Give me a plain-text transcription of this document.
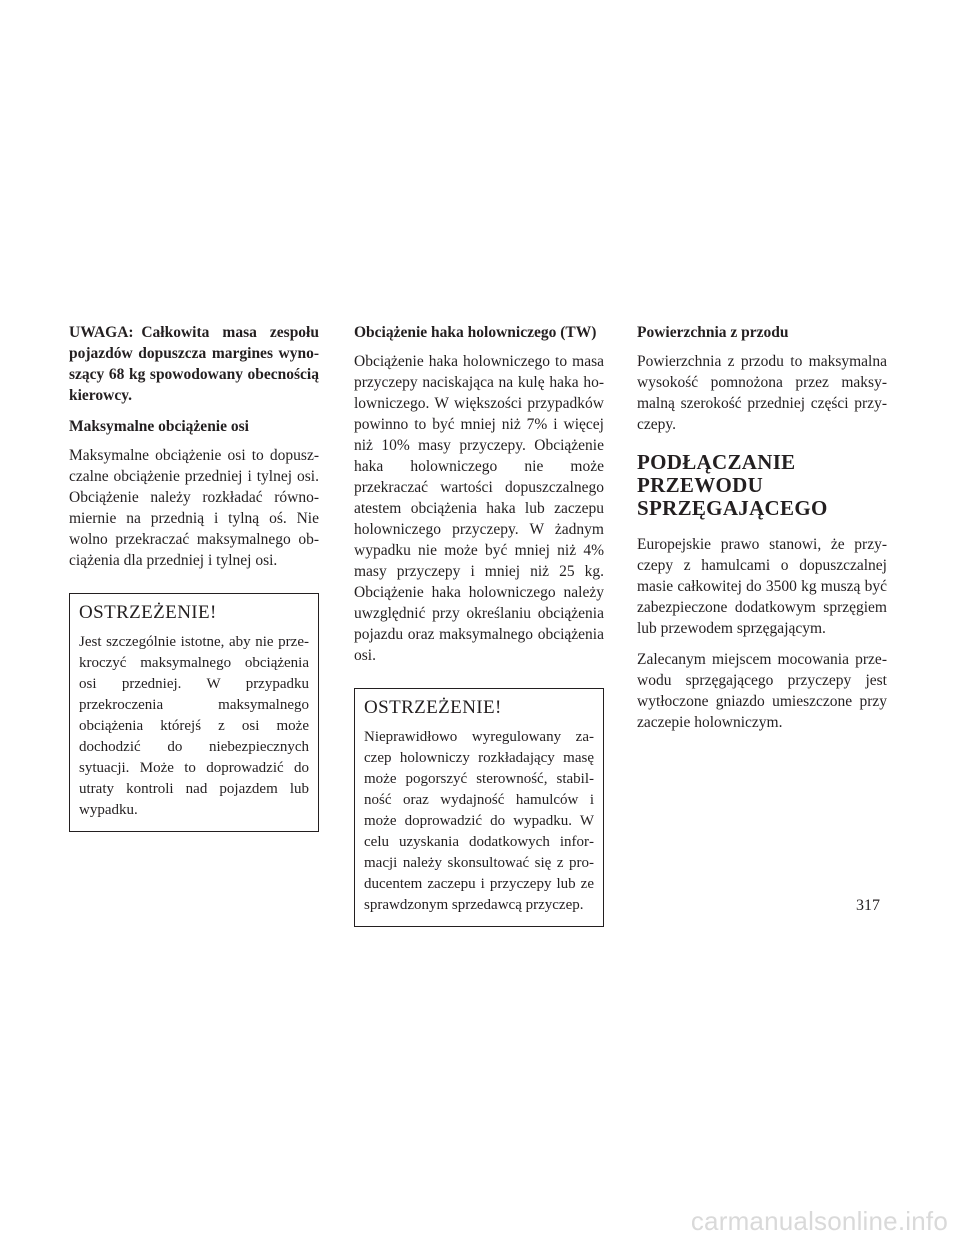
UWAGA: Całkowita masa zespołu pojazdów dopuszcza margines wynoszący 68 kg spowodowany obecnością kierowcy.

Maksymalne obciążenie osi

Maksymalne obciążenie osi to dopuszczalne obciążenie przedniej i tylnej osi. Obciążenie należy rozkładać równomiernie na przednią i tylną oś. Nie wolno przekraczać maksymalnego obciążenia dla przedniej i tylnej osi.

OSTRZEŻENIE!

Jest szczególnie istotne, aby nie przekroczyć maksymalnego obciążenia osi przedniej. W przypadku przekroczenia maksymalnego obciążenia którejś z osi może dochodzić do niebezpiecznych sytuacji. Może to doprowadzić do utraty kontroli nad pojazdem lub wypadku.

Obciążenie haka holowniczego (TW)

Obciążenie haka holowniczego to masa przyczepy naciskająca na kulę haka holowniczego. W większości przypadków powinno to być mniej niż 7% i więcej niż 10% masy przyczepy. Obciążenie haka holowniczego nie może przekraczać wartości dopuszczalnego atestem obciążenia haka lub zaczepu holowniczego przyczepy. W żadnym wypadku nie może być mniej niż 4% masy przyczepy i mniej niż 25 kg. Obciążenie haka holowniczego należy uwzględnić przy określaniu obciążenia pojazdu oraz maksymalnego obciążenia osi.

OSTRZEŻENIE!

Nieprawidłowo wyregulowany zaczep holowniczy rozkładający masę może pogorszyć sterowność, stabilność oraz wydajność hamulców i może doprowadzić do wypadku. W celu uzyskania dodatkowych informacji należy skonsultować się z producentem zaczepu i przyczepy lub ze sprawdzonym sprzedawcą przyczep.

Powierzchnia z przodu

Powierzchnia z przodu to maksymalna wysokość pomnożona przez maksymalną szerokość przedniej części przyczepy.

PODŁĄCZANIE
PRZEWODU
SPRZĘGAJĄCEGO

Europejskie prawo stanowi, że przyczepy z hamulcami o dopuszczalnej masie całkowitej do 3500 kg muszą być zabezpieczone dodatkowym sprzęgiem lub przewodem sprzęgającym.

Zalecanym miejscem mocowania przewodu sprzęgającego przyczepy jest wytłoczone gniazdo umieszczone przy zaczepie holowniczym.

317
carmanualsonline.info
